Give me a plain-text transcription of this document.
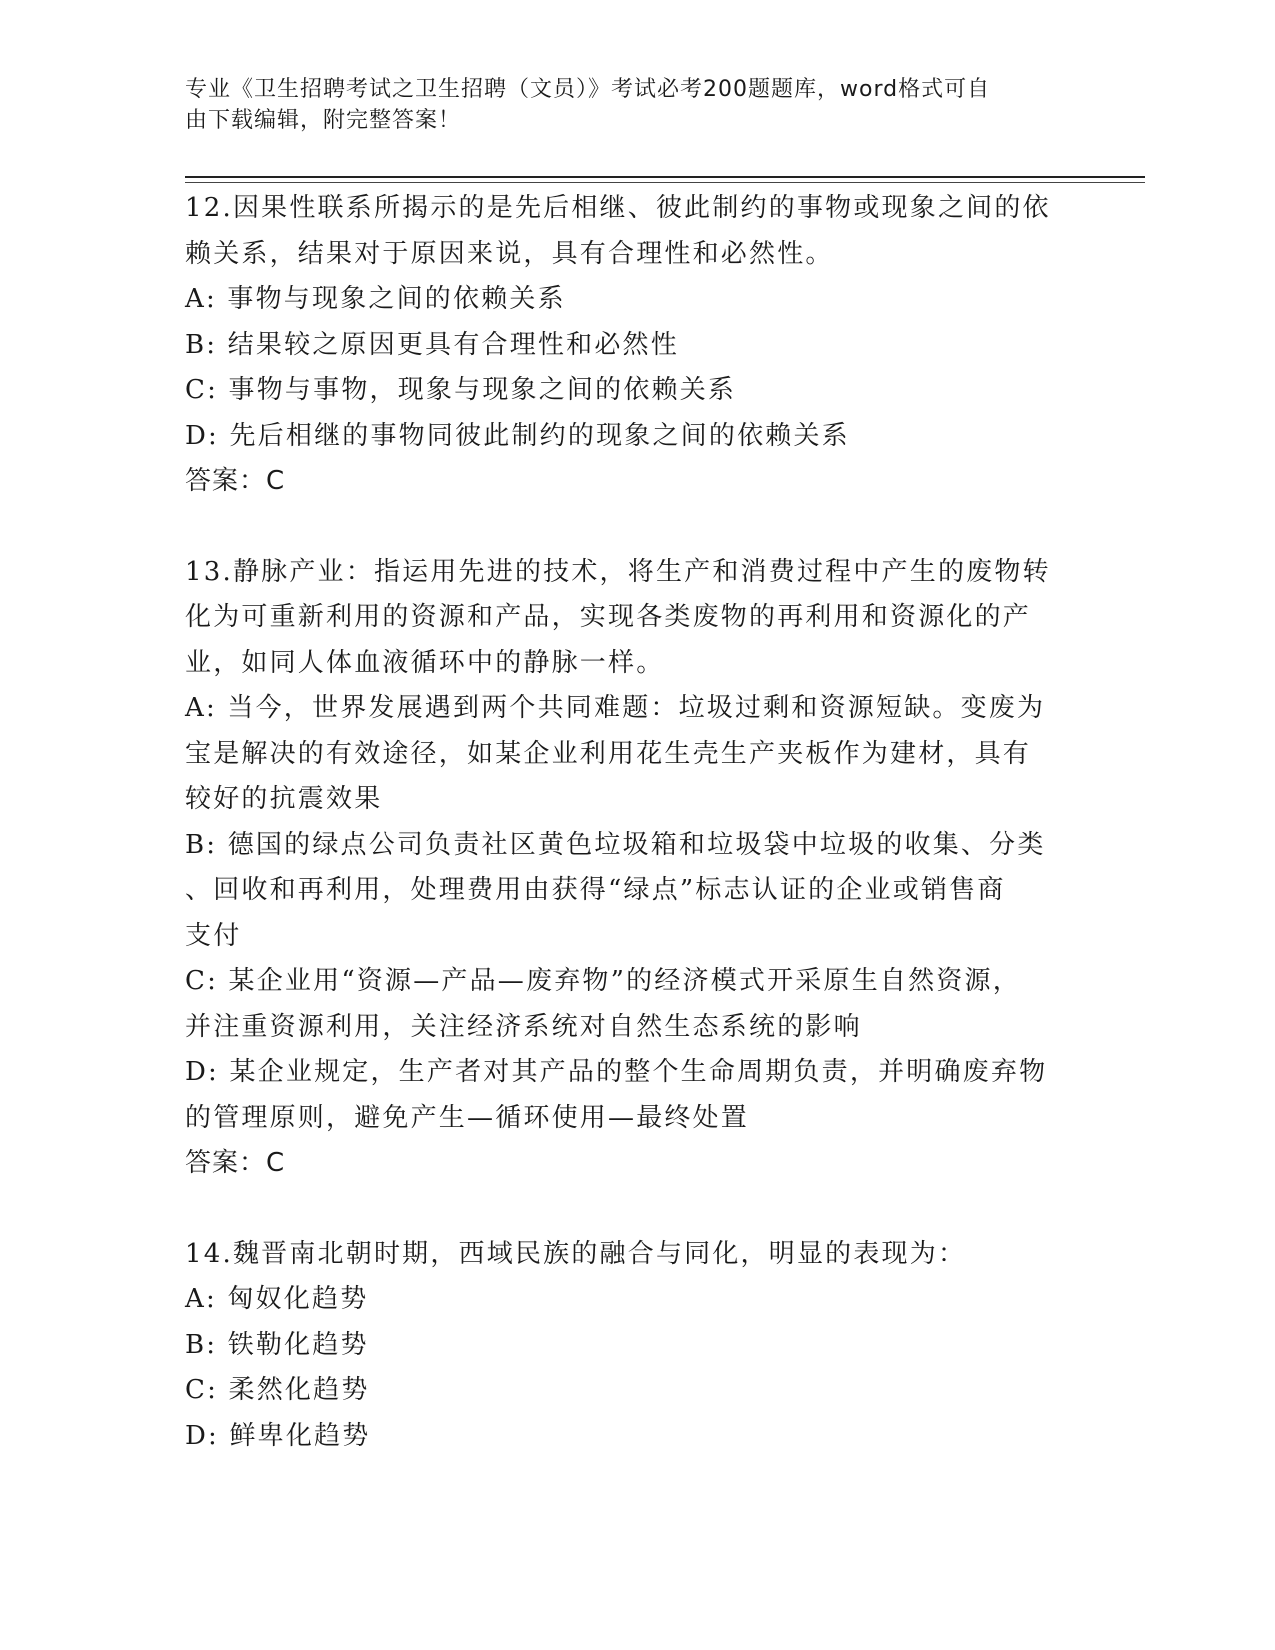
专业《卫生招聘考试之卫生招聘（文员）》考试必考200题题库，word格式可自
由下载编辑，附完整答案！
12.因果性联系所揭示的是先后相继、彼此制约的事物或现象之间的依
赖关系，结果对于原因来说，具有合理性和必然性。
A: 事物与现象之间的依赖关系
B: 结果较之原因更具有合理性和必然性
C: 事物与事物，现象与现象之间的依赖关系
D: 先后相继的事物同彼此制约的现象之间的依赖关系
答案：C
13.静脉产业：指运用先进的技术，将生产和消费过程中产生的废物转
化为可重新利用的资源和产品，实现各类废物的再利用和资源化的产
业，如同人体血液循环中的静脉一样。
A: 当今，世界发展遇到两个共同难题：垃圾过剩和资源短缺。变废为
宝是解决的有效途径，如某企业利用花生壳生产夹板作为建材，具有
较好的抗震效果
B: 德国的绿点公司负责社区黄色垃圾箱和垃圾袋中垃圾的收集、分类
、回收和再利用，处理费用由获得“绿点”标志认证的企业或销售商
支付
C: 某企业用“资源—产品—废弃物”的经济模式开采原生自然资源，
并注重资源利用，关注经济系统对自然生态系统的影响
D: 某企业规定，生产者对其产品的整个生命周期负责，并明确废弃物
的管理原则，避免产生—循环使用—最终处置
答案：C
14.魏晋南北朝时期，西域民族的融合与同化，明显的表现为：
A: 匈奴化趋势
B: 铁勒化趋势
C: 柔然化趋势
D: 鲜卑化趋势
